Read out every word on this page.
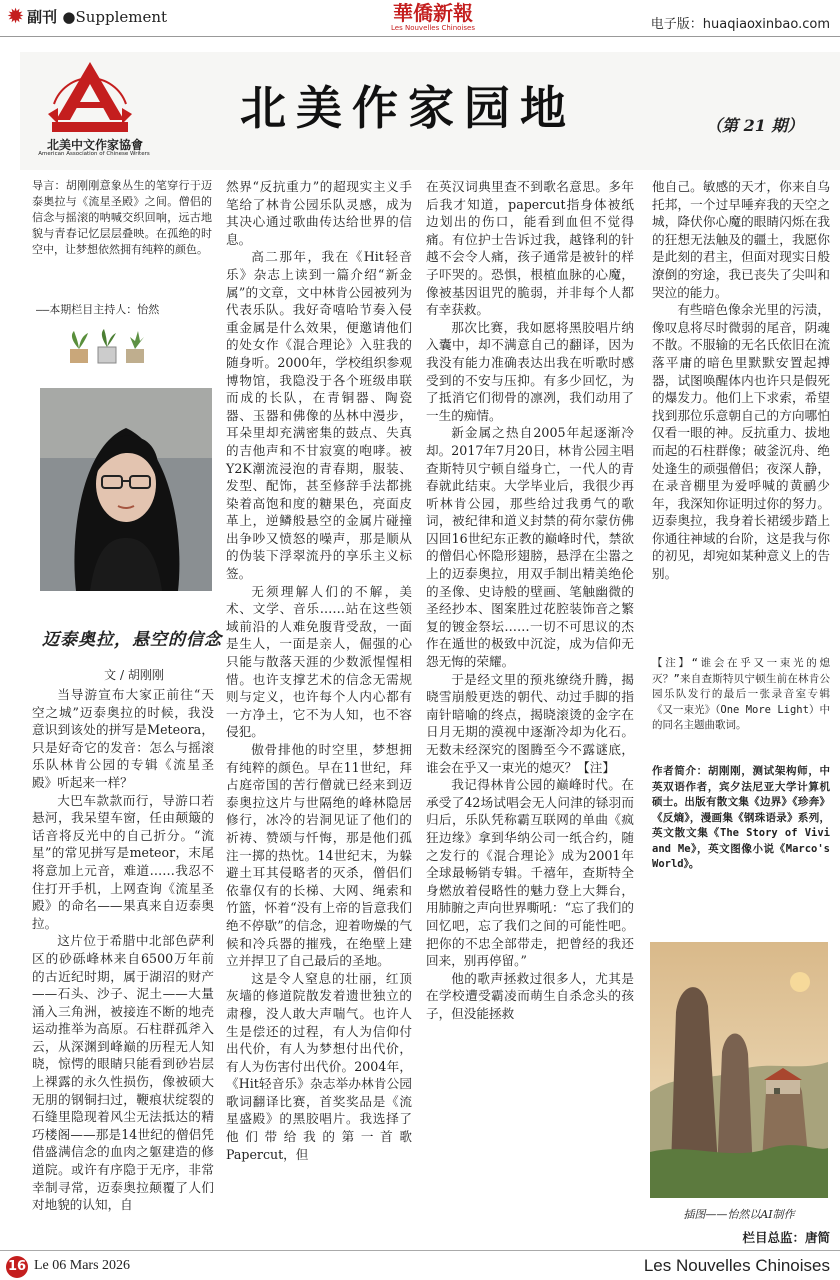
✹ 副刊 ●Supplement	華僑新報
Les Nouvelles Chinoises	电子版：huaqiaoxinbao.com
北美中文作家協會
American Association of Chinese Writers
北美作家园地	（第 21 期）
导言：胡刚刚意象丛生的笔穿行于迈泰奥拉与《流星圣殿》之间。僧侣的信念与摇滚的呐喊交织回响，远古地貌与青春记忆层层叠映。在孤绝的时空中，让梦想依然拥有纯粹的颜色。
——本期栏目主持人：怡然
迈泰奥拉，悬空的信念
文 / 胡刚刚

当导游宣布大家正前往“天空之城”迈泰奥拉的时候，我没意识到该处的拼写是Meteora，只是好奇它的发音：怎么与摇滚乐队林肯公园的专辑《流星圣殿》听起来一样？

大巴车款款而行，导游口若悬河，我呆望车窗，任由颠簸的话音将反光中的自己折分。“流星”的常见拼写是meteor，末尾将意加上元音，难道……我忍不住打开手机，上网查询《流星圣殿》的命名——果真来自迈泰奥拉。

这片位于希腊中北部色萨利区的砂砾峰林来自6500万年前的古近纪时期，属于湖沼的财产——石头、沙子、泥土——大量涌入三角洲，被接连不断的地壳运动推举为高原。石柱群孤斧入云，从深渊到峰巅的历程无人知晓，惊愕的眼睛只能看到砂岩层上裸露的永久性损伤，像被硕大无朋的钢铜扫过，鞭痕状绽裂的石缝里隐现着风尘无法抵达的精巧楼阁——那是14世纪的僧侣凭借盛满信念的血肉之躯建造的修道院。或许有序隐于无序，非常幸制寻常，迈泰奥拉颠覆了人们对地貌的认知，自

然界“反抗重力”的超现实主义手笔给了林肯公园乐队灵感，成为其决心通过歌曲传达给世界的信息。

高二那年，我在《Hit轻音乐》杂志上读到一篇介绍“新金属”的文章，文中林肯公园被列为代表乐队。我好奇嘻哈节奏入侵重金属是什么效果，便邀请他们的处女作《混合理论》入驻我的随身听。2000年，学校组织参观博物馆，我隐没于各个班级串联而成的长队，在青铜器、陶瓷器、玉器和佛像的丛林中漫步，耳朵里却充满密集的鼓点、失真的吉他声和不甘寂寞的咆哮。被Y2K潮流浸泡的青春期，服装、发型、配饰，甚至修辞手法都挑染着高饱和度的糖果色，亮面皮革上，逆鳞般悬空的金属片碰撞出争吵又愤怒的噪声，那是顺从的伪装下浮翠流丹的享乐主义标签。

无须理解人们的不解，美术、文学、音乐……站在这些领域前沿的人难免腹背受敌，一面是生人，一面是亲人，倔强的心只能与散落天涯的少数派惺惺相惜。也许支撑艺术的信念无需规则与定义，也许每个人内心都有一方净土，它不为人知，也不容侵犯。

傲骨排他的时空里，梦想拥有纯粹的颜色。早在11世纪，拜占庭帝国的苦行僧就已经来到迈泰奥拉这片与世隔绝的峰林隐居修行，冰冷的岩洞见证了他们的祈祷、赞颂与忏悔，那是他们孤注一掷的热忱。14世纪末，为躲避土耳其侵略者的灭杀，僧侣们依靠仅有的长梯、大网、绳索和竹篮，怀着“没有上帝的旨意我们绝不停歇”的信念，迎着吻燥的气候和冷兵器的摧残，在绝壁上建立并捍卫了自己最后的圣地。

这是令人窒息的壮丽，红顶灰墙的修道院散发着遗世独立的肃穆，没人敢大声喘气。也许人生是偿还的过程，有人为信仰付出代价，有人为梦想付出代价，有人为伤害付出代价。2004年，《Hit轻音乐》杂志举办林肯公园歌词翻译比赛，首奖奖品是《流星盛殿》的黑胶唱片。我选择了他们带给我的第一首歌Papercut，但

在英汉词典里查不到歌名意思。多年后我才知道，papercut指身体被纸边划出的伤口，能看到血但不觉得痛。有位护士告诉过我，越锋利的针越不会令人痛，孩子通常是被针的样子吓哭的。恐惧，根植血脉的心魔，像被基因诅咒的脆弱，并非每个人都有幸获救。

那次比赛，我如愿将黑胶唱片纳入囊中，却不满意自己的翻译，因为我没有能力准确表达出我在听歌时感受到的不安与压抑。有多少回忆，为了抵消它们彻骨的凛冽，我们动用了一生的痴情。

新金属之热自2005年起逐渐冷却。2017年7月20日，林肯公园主唱查斯特贝宁顿自缢身亡，一代人的青春就此结束。大学毕业后，我很少再听林肯公园，那些给过我勇气的歌词，被纪律和道义封禁的荷尔蒙仿佛囚回16世纪东正教的巅峰时代，禁欲的僧侣心怀隐形翅膀，悬浮在尘嚣之上的迈泰奥拉，用双手制出精美绝伦的圣像、史诗般的壁画、笔触幽微的圣经抄本、图案胜过花腔装饰音之繁复的镀金祭坛……一切不可思议的杰作在遁世的极致中沉淀，成为信仰无怨无悔的荣耀。

于是经文里的预兆缭绕升腾，揭晓雪崩般更迭的朝代、动过手脚的指南针暗喻的终点，揭晓滚烫的金字在日月无期的漠视中逐渐冷却为化石。无数未经深究的图腾至今不露谜底，谁会在乎又一束光的熄灭？【注】

我记得林肯公园的巅峰时代。在承受了42场试唱会无人问津的铩羽而归后，乐队凭称霸互联网的单曲《疯狂边缘》拿到华纳公司一纸合约，随之发行的《混合理论》成为2001年全球最畅销专辑。千禧年，查斯特全身燃放着侵略性的魅力登上大舞台，用肺腑之声向世界嘶吼：“忘了我们的回忆吧，忘了我们之间的可能性吧。把你的不忠全部带走，把曾经的我还回来，别再停留。”

他的歌声拯救过很多人，尤其是在学校遭受霸凌而萌生自杀念头的孩子，但没能拯救

他自己。敏感的天才，你来自乌托邦，一个过早唾弃我的天空之城，降伏你心魔的眼睛闪烁在我的狂想无法触及的疆土，我愿你是此刻的君主，但面对现实日般潦倒的穷途，我已丧失了尖叫和哭泣的能力。

有些暗色像余光里的污渍，像叹息将尽时微弱的尾音，阴魂不散。不服输的无名氏依旧在流落平庸的暗色里默默安置起搏器，试图唤醒体内也许只是假死的爆发力。他们上下求索，希望找到那位乐意朝自己的方向哪怕仅看一眼的神。反抗重力、拔地而起的石柱群像；破釜沉舟、绝处逢生的顽强僧侣；夜深人静，在录音棚里为爱呼喊的黄鹂少年，我深知你证明过你的努力。迈泰奥拉，我身着长裙缓步踏上你通往神域的台阶，这是我与你的初见，却宛如某种意义上的告别。

【注】“谁会在乎又一束光的熄灭？”来自查斯特贝宁顿生前在林肯公园乐队发行的最后一张录音室专辑《又一束光》（One More Light）中的同名主题曲歌词。
作者简介：胡刚刚，测试架构师，中英双语作者，宾夕法尼亚大学计算机硕士。出版有散文集《边界》《珍奔》《反熵》，漫画集《钢珠语录》系列，英文散文集《The Story of Vivi and Me》，英文图像小说《Marco's World》。
插图——怡然以AI制作
栏目总监：唐简
16 Le 06 Mars 2026	Les Nouvelles Chinoises
